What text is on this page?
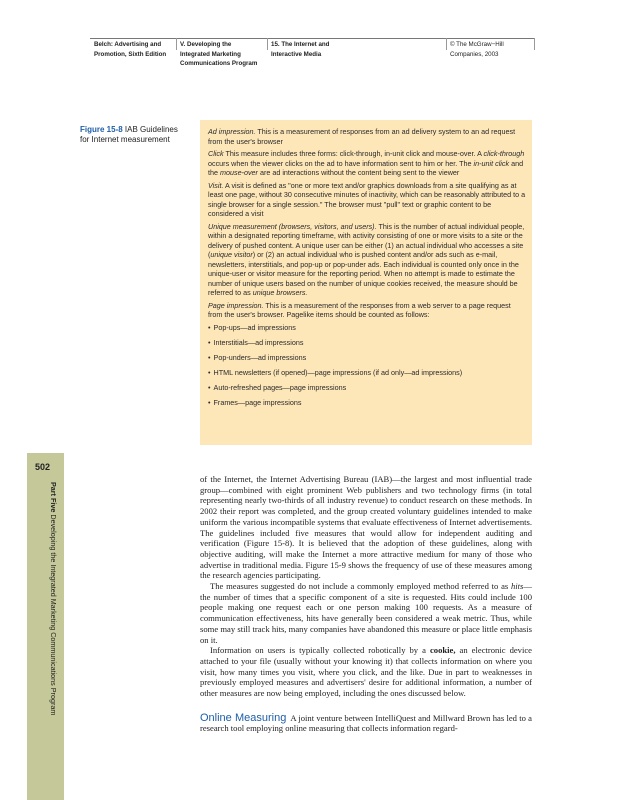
Belch: Advertising and
Promotion, Sixth Edition
V. Developing the
Integrated Marketing
Communications Program
15. The Internet and
Interactive Media
© The McGraw−Hill
Companies, 2003
Figure 15-8 IAB Guidelines for Internet measurement

Ad impression. This is a measurement of responses from an ad delivery system to an ad request from the user's browser

Click This measure includes three forms: click-through, in-unit click and mouse-over. A click-through occurs when the viewer clicks on the ad to have information sent to him or her. The in-unit click and the mouse-over are ad interactions without the content being sent to the viewer

Visit. A visit is defined as "one or more text and/or graphics downloads from a site qualifying as at least one page, without 30 consecutive minutes of inactivity, which can be reasonably attributed to a single browser for a single session." The browser must "pull" text or graphic content to be considered a visit

Unique measurement (browsers, visitors, and users). This is the number of actual individual people, within a designated reporting timeframe, with activity consisting of one or more visits to a site or the delivery of pushed content. A unique user can be either (1) an actual individual who accesses a site (unique visitor) or (2) an actual individual who is pushed content and/or ads such as e-mail, newsletters, interstitials, and pop-up or pop-under ads. Each individual is counted only once in the unique-user or visitor measure for the reporting period. When no attempt is made to estimate the number of unique users based on the number of unique cookies received, the measure should be referred to as unique browsers.

Page impression. This is a measurement of the responses from a web server to a page request from the user's browser. Pagelike items should be counted as follows:

• Pop-ups—ad impressions
• Interstitials—ad impressions
• Pop-unders—ad impressions
• HTML newsletters (if opened)—page impressions (if ad only—ad impressions)
• Auto-refreshed pages—page impressions
• Frames—page impressions
502
Part Five Developing the Integrated Marketing Communications Program

of the Internet, the Internet Advertising Bureau (IAB)—the largest and most influential trade group—combined with eight prominent Web publishers and two technology firms (in total representing nearly two-thirds of all industry revenue) to conduct research on these methods. In 2002 their report was completed, and the group created voluntary guidelines intended to make uniform the various incompatible systems that evaluate effectiveness of Internet advertisements. The guidelines included five measures that would allow for independent auditing and verification (Figure 15-8). It is believed that the adoption of these guidelines, along with objective auditing, will make the Internet a more attractive medium for many of those who advertise in traditional media. Figure 15-9 shows the frequency of use of these measures among the research agencies participating.

The measures suggested do not include a commonly employed method referred to as hits—the number of times that a specific component of a site is requested. Hits could include 100 people making one request each or one person making 100 requests. As a measure of communication effectiveness, hits have generally been considered a weak metric. Thus, while some may still track hits, many companies have abandoned this measure or place little emphasis on it.

Information on users is typically collected robotically by a cookie, an electronic device attached to your file (usually without your knowing it) that collects information on where you visit, how many times you visit, where you click, and the like. Due in part to weaknesses in previously employed measures and advertisers' desire for additional information, a number of other measures are now being employed, including the ones discussed below.

Online Measuring A joint venture between IntelliQuest and Millward Brown has led to a research tool employing online measuring that collects information regard-
